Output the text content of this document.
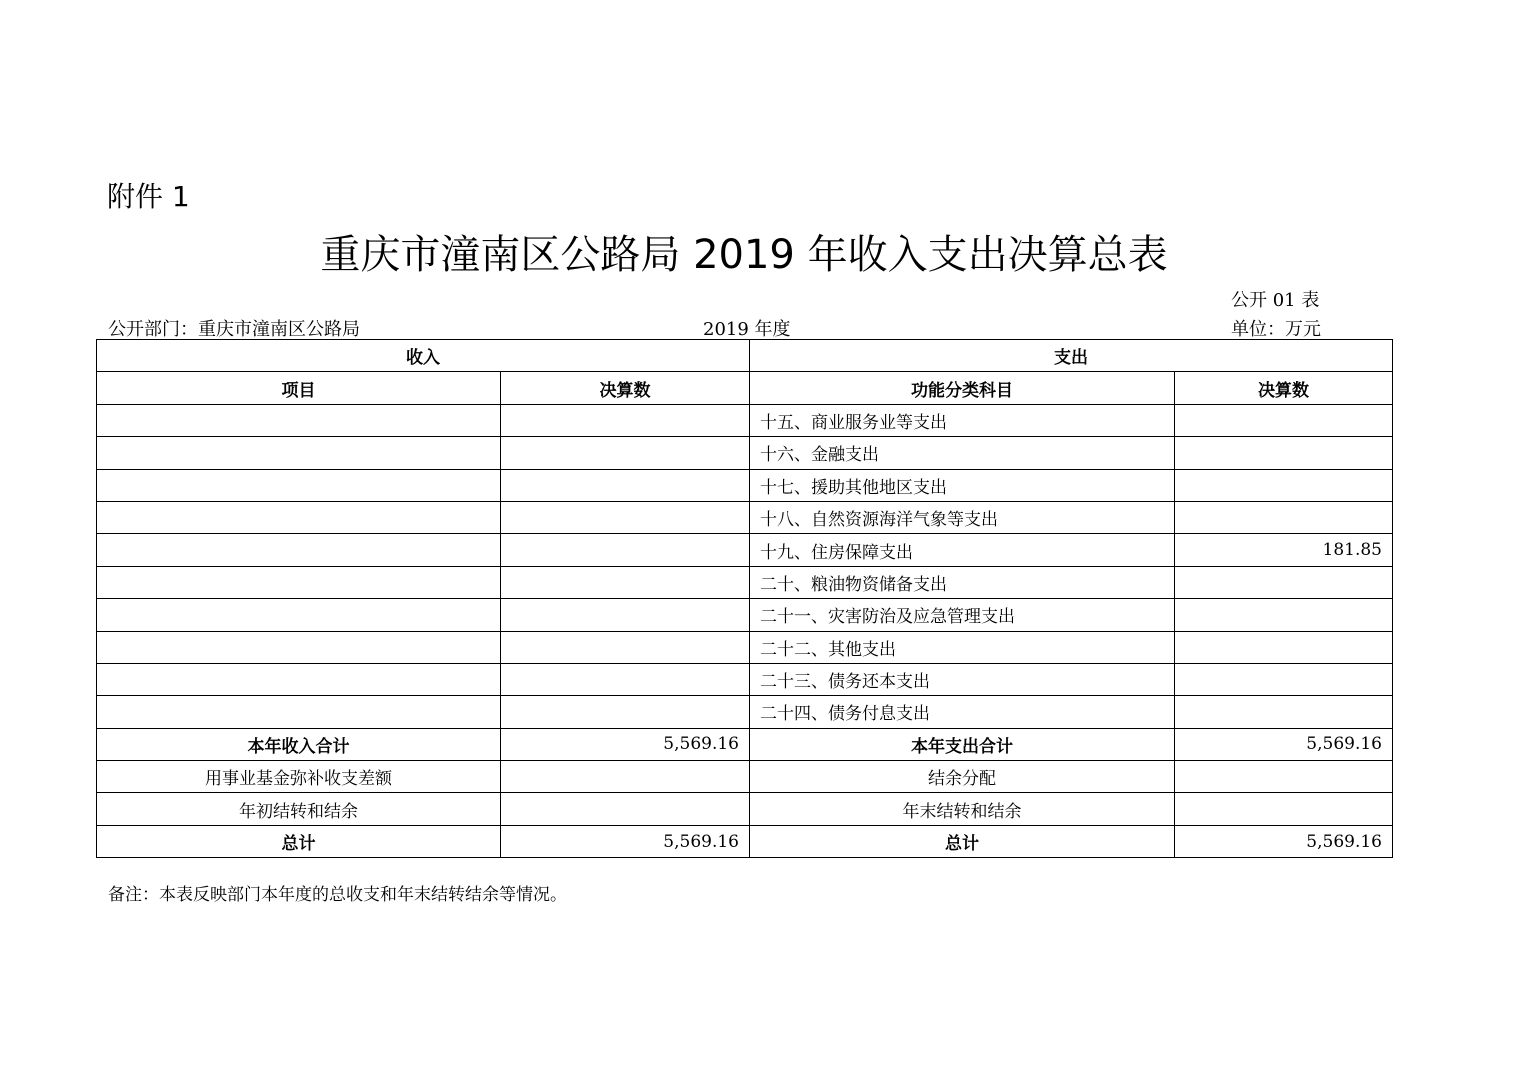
附件 1
重庆市潼南区公路局 2019 年收入支出决算总表
公开 01 表
公开部门：重庆市潼南区公路局	2019 年度	单位：万元
收入		支出	
项目	决算数	功能分类科目	决算数
		十五、商业服务业等支出	
		十六、金融支出	
		十七、援助其他地区支出	
		十八、自然资源海洋气象等支出	
		十九、住房保障支出	181.85
		二十、粮油物资储备支出	
		二十一、灾害防治及应急管理支出	
		二十二、其他支出	
		二十三、债务还本支出	
		二十四、债务付息支出	
本年收入合计	5,569.16	本年支出合计	5,569.16
用事业基金弥补收支差额		结余分配	
年初结转和结余		年末结转和结余	
总计	5,569.16	总计	5,569.16
备注：本表反映部门本年度的总收支和年末结转结余等情况。
